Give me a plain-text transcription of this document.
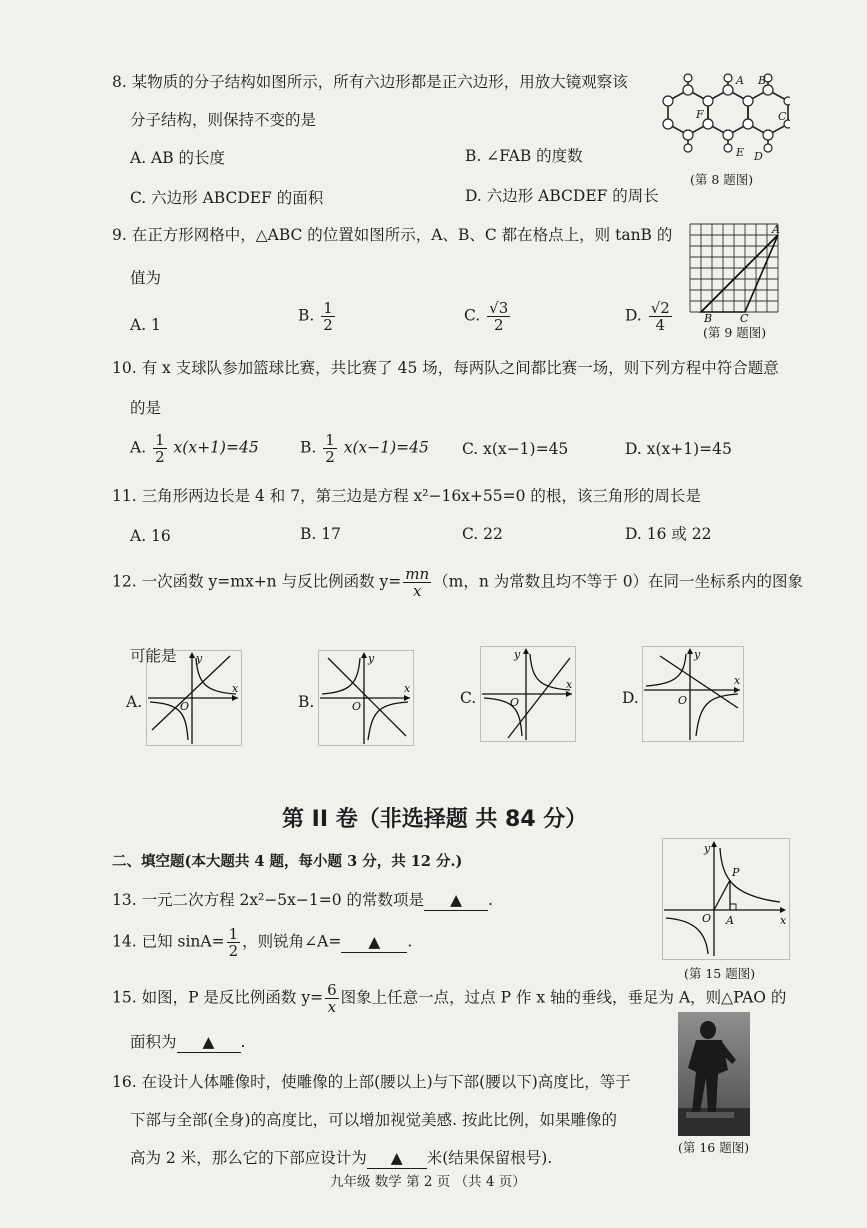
8. 某物质的分子结构如图所示，所有六边形都是正六边形，用放大镜观察该
分子结构，则保持不变的是
A. AB 的长度	B. ∠FAB 的度数
C. 六边形 ABCDEF 的面积	D. 六边形 ABCDEF 的周长
A B
C
D
E
F
(第 8 题图)
9. 在正方形网格中，△ABC 的位置如图所示，A、B、C 都在格点上，则 tanB 的
值为
A. 1
B. $\frac{1}{2}$	C. $\frac{√3}{2}$	D. $\frac{√2}{4}$
A
B	C
(第 9 题图)
10. 有 x 支球队参加篮球比赛，共比赛了 45 场，每两队之间都比赛一场，则下列方程中符合题意
的是
A. $\frac{1}{2} x(x+1)=45$	B. $\frac{1}{2} x(x-1)=45$ C. x(x−1)=45	D. x(x+1)=45
11. 三角形两边长是 4 和 7，第三边是方程 x²−16x+55=0 的根，该三角形的周长是
A. 16	B. 17	C. 22	D. 16 或 22
12. 一次函数 y=mx+n 与反比例函数 $y= \frac{mn}{x} (m$，n 为常数且均不等于 0）在同一坐标系内的图象
可能是
A.
y
x
O	B.
y
x
O	C.
y
x
O	D.
y
x
O
第 II 卷（非选择题 共 84 分）
二、填空题(本大题共 4 题，每小题 3 分，共 12 分.)
13. 一元二次方程 2x²−5x−1=0 的常数项是 ▲ .
14. 已知 $\sin A= \frac{1}{2}$ ，则锐角∠A= ▲ .
15. 如图，P 是反比例函数 $y= \frac{6}{x}$ 图象上任意一点，过点 P 作 x 轴的垂线，垂足为 A，则△PAO 的
面积为 ▲ .
y
x
O A
P
(第 15 题图)
16. 在设计人体雕像时，使雕像的上部(腰以上)与下部(腰以下)高度比，等于
下部与全部(全身)的高度比，可以增加视觉美感. 按此比例，如果雕像的
高为 2 米，那么它的下部应设计为 ▲ 米(结果保留根号).
(第 16 题图)
九年级 数学 第 2 页 （共 4 页）
